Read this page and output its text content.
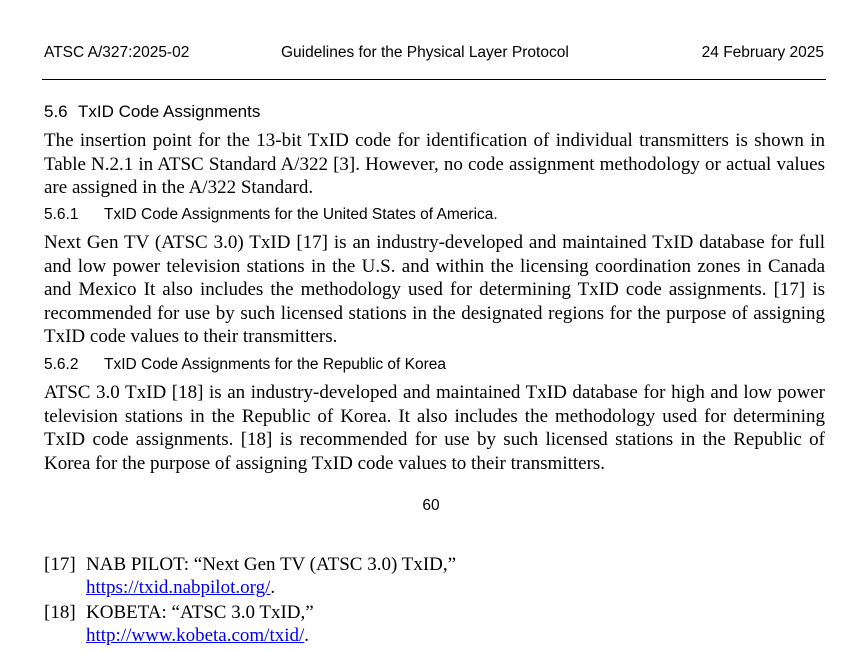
ATSC A/327:2025-02	Guidelines for the Physical Layer Protocol	24 February 2025
5.6 TxID Code Assignments
The insertion point for the 13-bit TxID code for identification of individual transmitters is shown in Table N.2.1 in ATSC Standard A/322 [3]. However, no code assignment methodology or actual values are assigned in the A/322 Standard.
5.6.1 TxID Code Assignments for the United States of America.
Next Gen TV (ATSC 3.0) TxID [17] is an industry-developed and maintained TxID database for full and low power television stations in the U.S. and within the licensing coordination zones in Canada and Mexico It also includes the methodology used for determining TxID code assignments. [17] is recommended for use by such licensed stations in the designated regions for the purpose of assigning TxID code values to their transmitters.
5.6.2 TxID Code Assignments for the Republic of Korea
ATSC 3.0 TxID [18] is an industry-developed and maintained TxID database for high and low power television stations in the Republic of Korea. It also includes the methodology used for determining TxID code assignments. [18] is recommended for use by such licensed stations in the Republic of Korea for the purpose of assigning TxID code values to their transmitters.
60
[17] NAB PILOT: “Next Gen TV (ATSC 3.0) TxID,”
https://txid.nabpilot.org/.
[18] KOBETA: “ATSC 3.0 TxID,”
http://www.kobeta.com/txid/.
